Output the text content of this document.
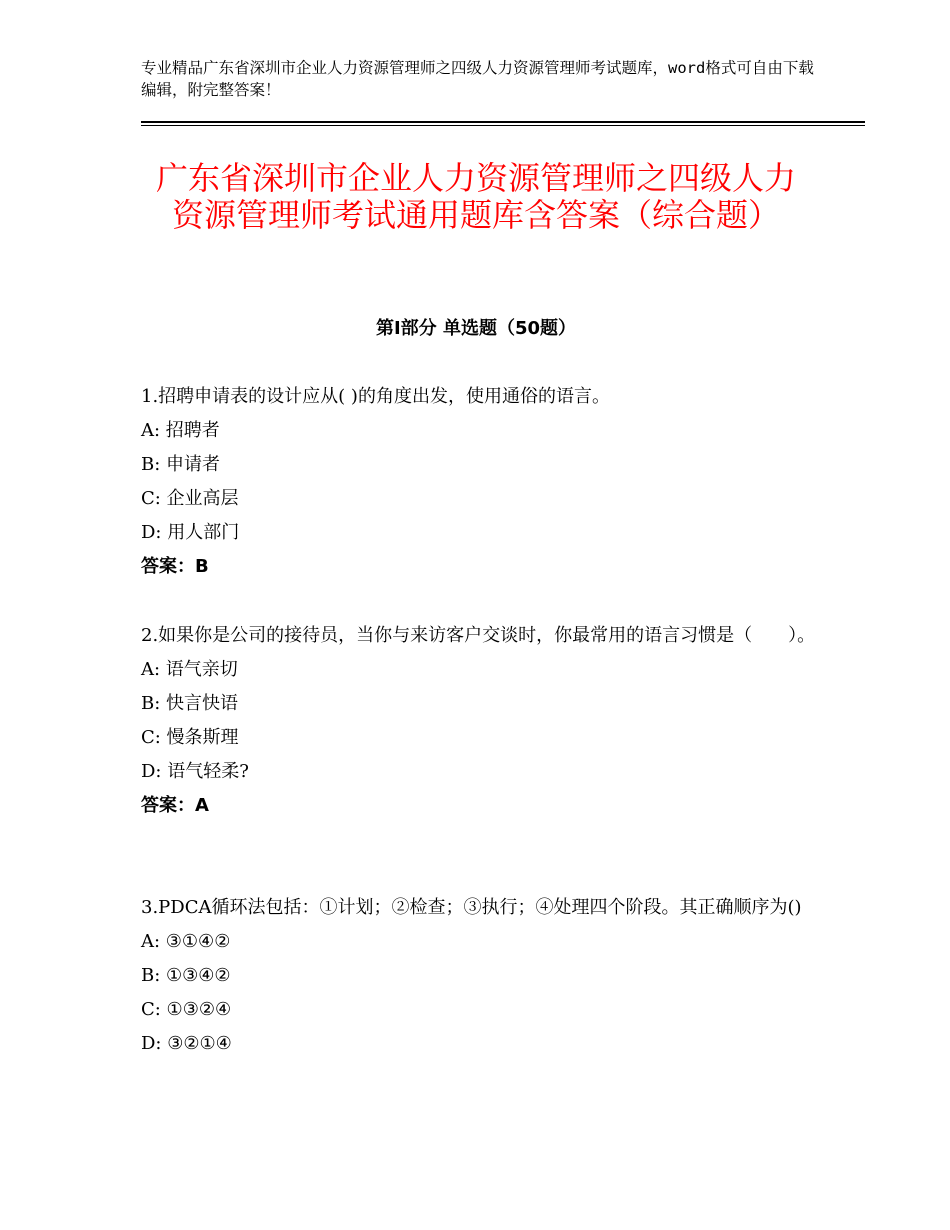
专业精品广东省深圳市企业人力资源管理师之四级人力资源管理师考试题库，word格式可自由下载编辑，附完整答案！
广东省深圳市企业人力资源管理师之四级人力资源管理师考试通用题库含答案（综合题）
第Ⅰ部分 单选题（50题）
1.招聘申请表的设计应从( )的角度出发，使用通俗的语言。
A: 招聘者
B: 申请者
C: 企业高层
D: 用人部门
答案：B
2.如果你是公司的接待员，当你与来访客户交谈时，你最常用的语言习惯是（　　）。
A: 语气亲切
B: 快言快语
C: 慢条斯理
D: 语气轻柔?
答案：A
3.PDCA循环法包括：①计划；②检查；③执行；④处理四个阶段。其正确顺序为()
A: ③①④②
B: ①③④②
C: ①③②④
D: ③②①④
